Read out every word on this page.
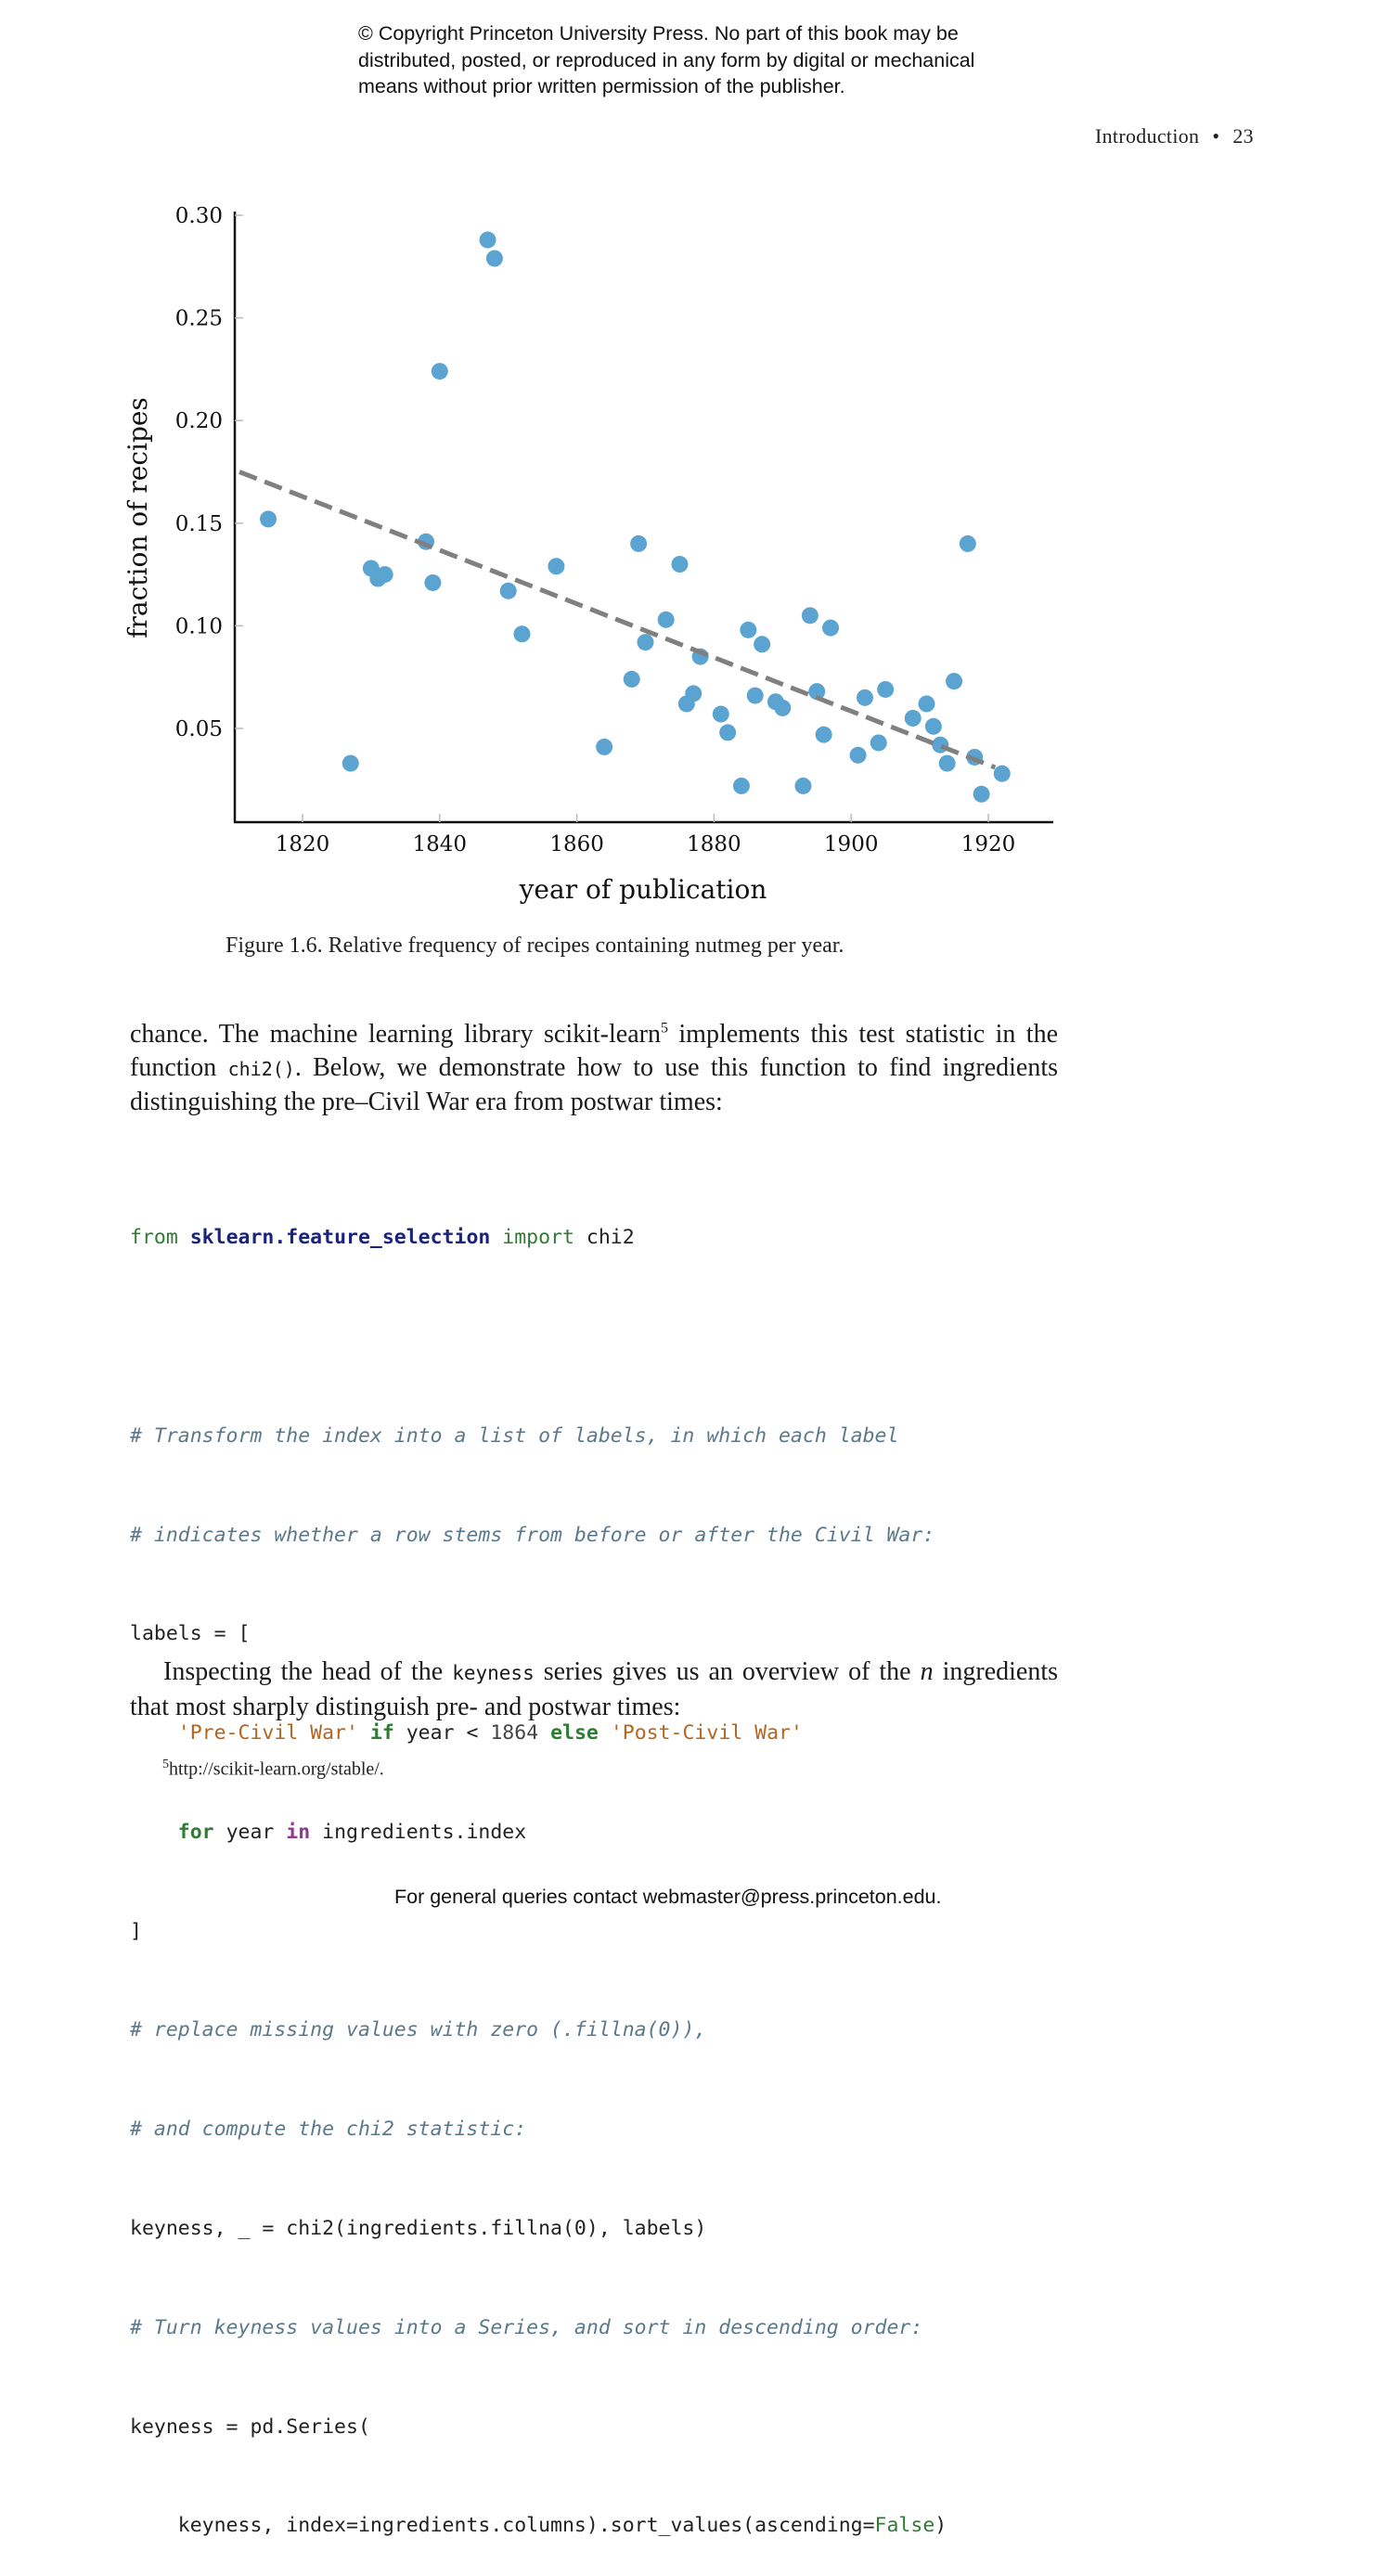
© Copyright Princeton University Press. No part of this book may be
distributed, posted, or reproduced in any form by digital or mechanical
means without prior written permission of the publisher.
Introduction • 23
0.05
0.10
0.15
0.20
0.25
0.30
1820	1840	1860	1880	1900	1920
year of publication
fraction of recipes
Figure 1.6. Relative frequency of recipes containing nutmeg per year.
chance. The machine learning library scikit-learn$^5$ implements this test statistic in the function chi2(). Below, we demonstrate how to use this function to find ingredients distinguishing the pre–Civil War era from postwar times:

from sklearn.feature_selection import chi2

# Transform the index into a list of labels, in which each label

# indicates whether a row stems from before or after the Civil War:

labels = [

'Pre-Civil War' if year < 1864 else 'Post-Civil War'

for year in ingredients.index

]

# replace missing values with zero (.fillna(0)),

# and compute the chi2 statistic:

keyness, _ = chi2(ingredients.fillna(0), labels)

# Turn keyness values into a Series, and sort in descending order:

keyness = pd.Series(

keyness, index=ingredients.columns).sort_values(ascending=False)

Inspecting the head of the keyness series gives us an overview of the n ingredients that most sharply distinguish pre- and postwar times:
$^5$http://scikit-learn.org/stable/.
For general queries contact webmaster@press.princeton.edu.
